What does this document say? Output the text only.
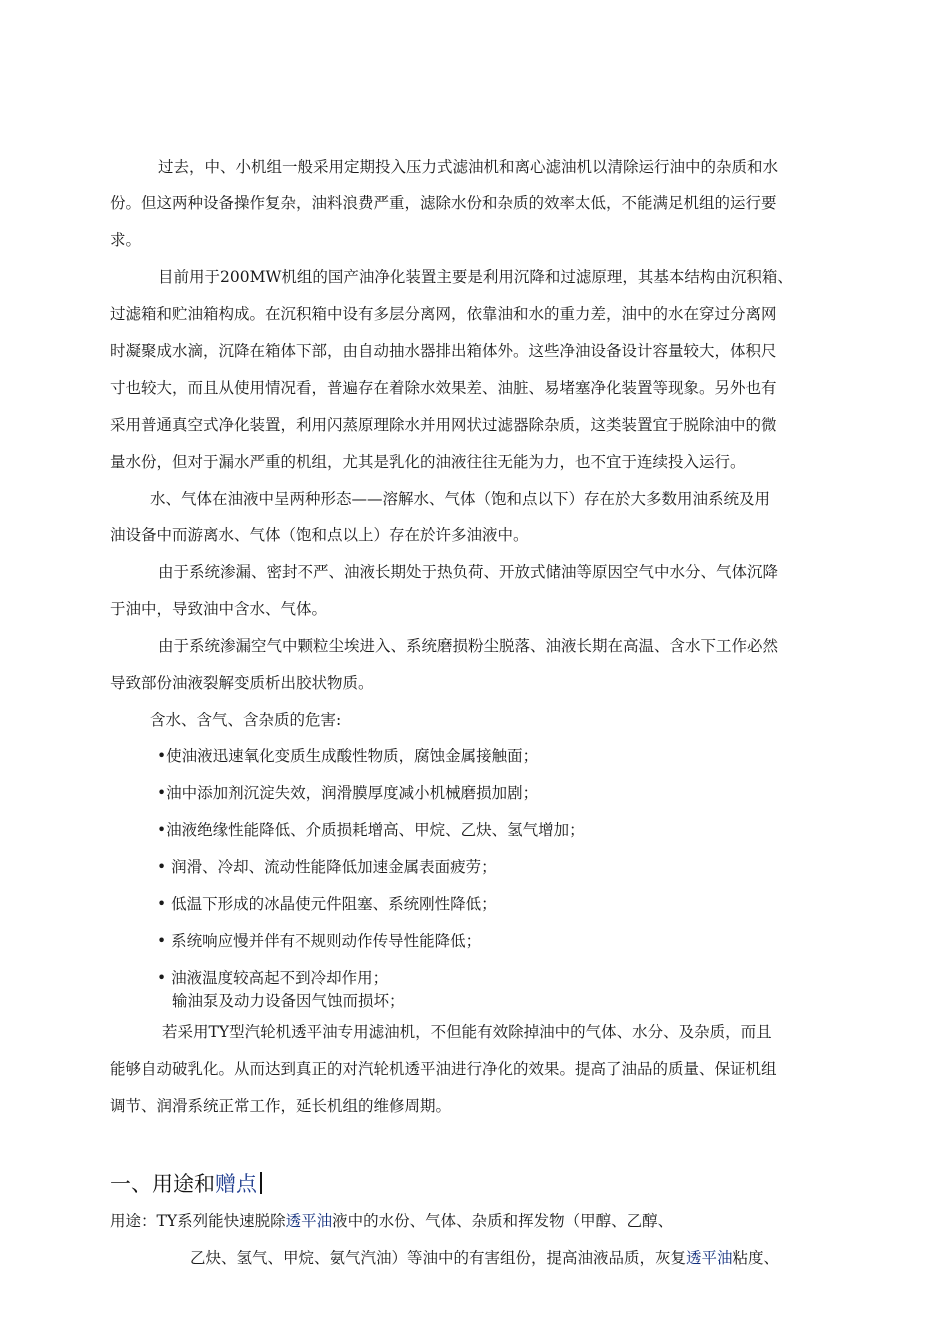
过去，中、小机组一般采用定期投入压力式滤油机和离心滤油机以清除运行油中的杂质和水
份。但这两种设备操作复杂，油料浪费严重，滤除水份和杂质的效率太低，不能满足机组的运行要
求。
目前用于200MW机组的国产油净化装置主要是利用沉降和过滤原理，其基本结构由沉积箱、
过滤箱和贮油箱构成。在沉积箱中设有多层分离网，依靠油和水的重力差，油中的水在穿过分离网
时凝聚成水滴，沉降在箱体下部，由自动抽水器排出箱体外。这些净油设备设计容量较大，体积尺
寸也较大，而且从使用情况看，普遍存在着除水效果差、油脏、易堵塞净化装置等现象。另外也有
采用普通真空式净化装置，利用闪蒸原理除水并用网状过滤器除杂质，这类装置宜于脱除油中的微
量水份，但对于漏水严重的机组，尤其是乳化的油液往往无能为力，也不宜于连续投入运行。
水、气体在油液中呈两种形态——溶解水、气体（饱和点以下）存在於大多数用油系统及用
油设备中而游离水、气体（饱和点以上）存在於许多油液中。
由于系统渗漏、密封不严、油液长期处于热负荷、开放式储油等原因空气中水分、气体沉降
于油中，导致油中含水、气体。
由于系统渗漏空气中颗粒尘埃进入、系统磨损粉尘脱落、油液长期在高温、含水下工作必然
导致部份油液裂解变质析出胶状物质。
含水、含气、含杂质的危害:
•使油液迅速氧化变质生成酸性物质，腐蚀金属接触面；
•油中添加剂沉淀失效，润滑膜厚度减小机械磨损加剧；
•油液绝缘性能降低、介质损耗增高、甲烷、乙炔、氢气增加；
• 润滑、冷却、流动性能降低加速金属表面疲劳；
• 低温下形成的冰晶使元件阻塞、系统刚性降低；
• 系统响应慢并伴有不规则动作传导性能降低；
• 油液温度较高起不到冷却作用；
输油泵及动力设备因气蚀而损坏；
若采用TY型汽轮机透平油专用滤油机，不但能有效除掉油中的气体、水分、及杂质，而且
能够自动破乳化。从而达到真正的对汽轮机透平油进行净化的效果。提高了油品的质量、保证机组
调节、润滑系统正常工作，延长机组的维修周期。
一、用途和赠点
用途：TY系列能快速脱除透平油液中的水份、气体、杂质和挥发物（甲醇、乙醇、
乙炔、氢气、甲烷、氨气汽油）等油中的有害组份，提高油液品质，灰复透平油粘度、
